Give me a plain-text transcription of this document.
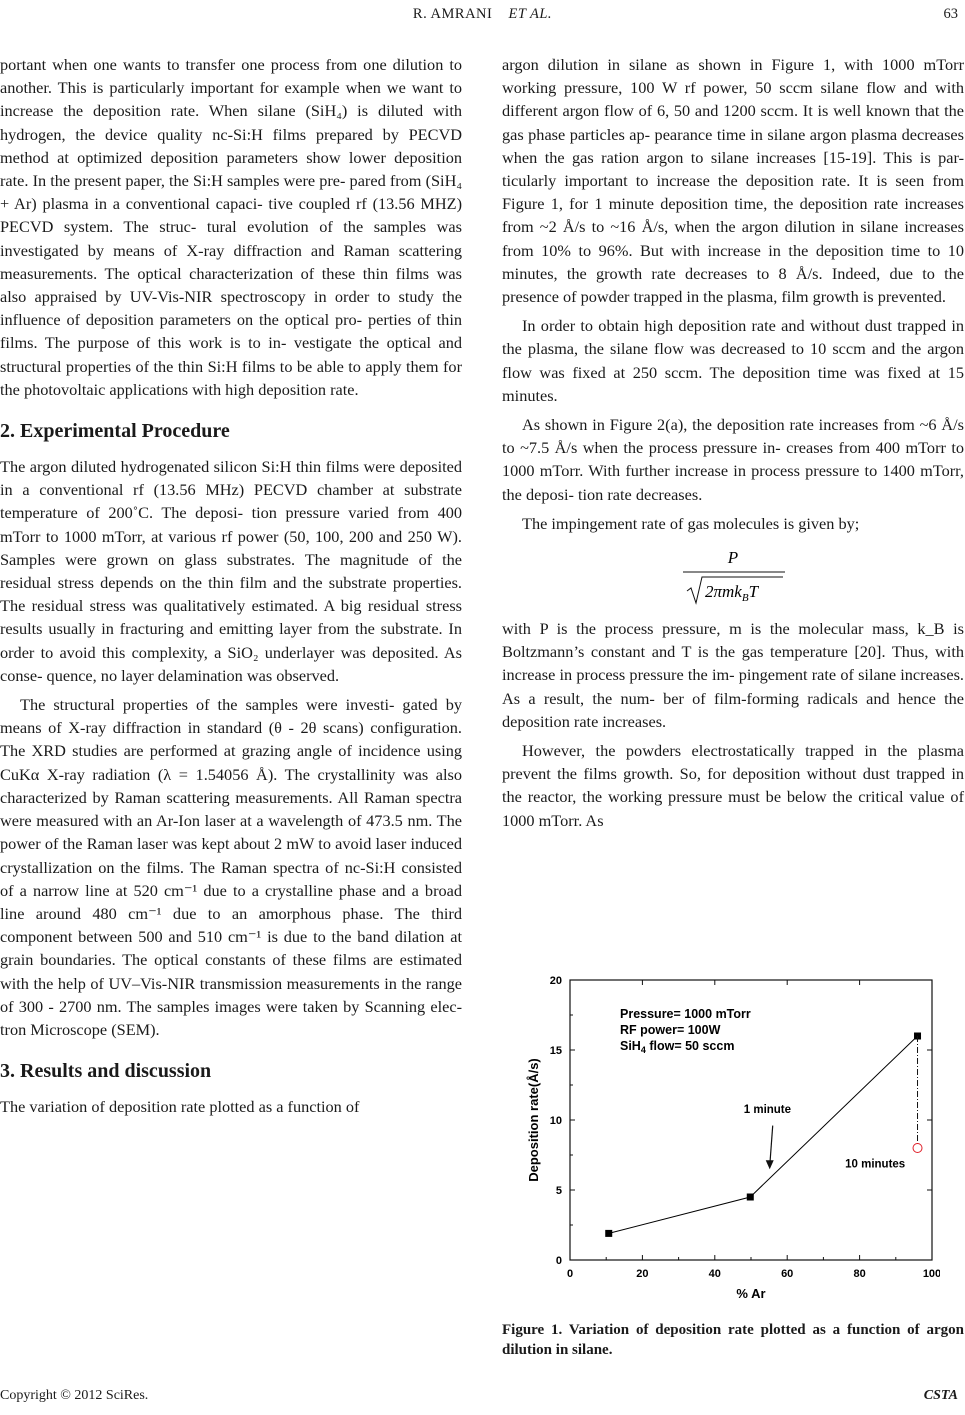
R. AMRANI ET AL.	63

portant when one wants to transfer one process from one dilution to another. This is particularly important for example when we want to increase the deposition rate. When silane (SiH₄) is diluted with hydrogen, the device quality nc-Si:H films prepared by PECVD method at optimized deposition parameters show lower deposition rate. In the present paper, the Si:H samples were pre- pared from (SiH₄ + Ar) plasma in a conventional capaci- tive coupled rf (13.56 MHZ) PECVD system. The struc- tural evolution of the samples was investigated by means of X-ray diffraction and Raman scattering measurements. The optical characterization of these thin films was also appraised by UV-Vis-NIR spectroscopy in order to study the influence of deposition parameters on the optical pro- perties of thin films. The purpose of this work is to in- vestigate the optical and structural properties of the thin Si:H films to be able to apply them for the photovoltaic applications with high deposition rate.

2. Experimental Procedure

The argon diluted hydrogenated silicon Si:H thin films were deposited in a conventional rf (13.56 MHz) PECVD chamber at substrate temperature of 200˚C. The deposi- tion pressure varied from 400 mTorr to 1000 mTorr, at various rf power (50, 100, 200 and 250 W). Samples were grown on glass substrates. The magnitude of the residual stress depends on the thin film and the substrate properties. The residual stress was qualitatively estimated. A big residual stress results usually in fracturing and emitting layer from the substrate. In order to avoid this complexity, a SiO₂ underlayer was deposited. As conse- quence, no layer delamination was observed.

The structural properties of the samples were investi- gated by means of X-ray diffraction in standard (θ - 2θ scans) configuration. The XRD studies are performed at grazing angle of incidence using CuKα X-ray radiation (λ = 1.54056 Å). The crystallinity was also characterized by Raman scattering measurements. All Raman spectra were measured with an Ar-Ion laser at a wavelength of 473.5 nm. The power of the Raman laser was kept about 2 mW to avoid laser induced crystallization on the films. The Raman spectra of nc-Si:H consisted of a narrow line at 520 cm⁻¹ due to a crystalline phase and a broad line around 480 cm⁻¹ due to an amorphous phase. The third component between 500 and 510 cm⁻¹ is due to the band dilation at grain boundaries. The optical constants of these films are estimated with the help of UV–Vis-NIR transmission measurements in the range of 300 - 2700 nm. The samples images were taken by Scanning elec- tron Microscope (SEM).

3. Results and discussion

The variation of deposition rate plotted as a function of

argon dilution in silane as shown in Figure 1, with 1000 mTorr working pressure, 100 W rf power, 50 sccm silane flow and with different argon flow of 6, 50 and 1200 sccm. It is well known that the gas phase particles ap- pearance time in silane argon plasma decreases when the gas ration argon to silane increases [15-19]. This is par- ticularly important to increase the deposition rate. It is seen from Figure 1, for 1 minute deposition time, the deposition rate increases from ~2 Å/s to ~16 Å/s, when the argon dilution in silane increases from 10% to 96%. But with increase in the deposition time to 10 minutes, the growth rate decreases to 8 Å/s. Indeed, due to the presence of powder trapped in the plasma, film growth is prevented.

In order to obtain high deposition rate and without dust trapped in the plasma, the silane flow was decreased to 10 sccm and the argon flow was fixed at 250 sccm. The deposition time was fixed at 15 minutes.

As shown in Figure 2(a), the deposition rate increases from ~6 Å/s to ~7.5 Å/s when the process pressure in- creases from 400 mTorr to 1000 mTorr. With further increase in process pressure to 1400 mTorr, the deposi- tion rate decreases.

The impingement rate of gas molecules is given by;

P
2πmk$_B$T

with P is the process pressure, m is the molecular mass, k_B is Boltzmann’s constant and T is the gas temperature [20]. Thus, with increase in process pressure the im- pingement rate of silane increases. As a result, the num- ber of film-forming radicals and hence the deposition rate increases.

However, the powders electrostatically trapped in the plasma prevent the films growth. So, for deposition without dust trapped in the reactor, the working pressure must be below the critical value of 1000 mTorr. As

0	20	40	60	80	100
0
5
10
15
20
Pressure= 1000 mTorr
RF power= 100W
SiH$_4$ flow= 50 sccm
1 minute
10 minutes
% Ar
Deposition rate(Å/s)
Figure 1. Variation of deposition rate plotted as a function of argon dilution in silane.
Copyright © 2012 SciRes.	CSTA
